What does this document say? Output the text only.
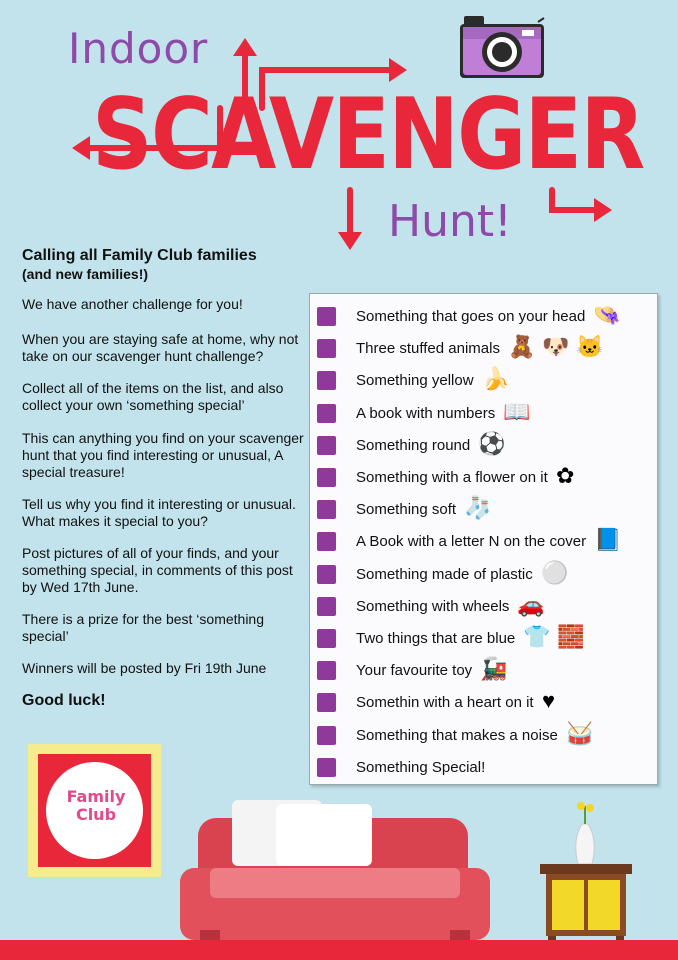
Indoor
SCAVENGER
Hunt!
Calling all Family Club families
(and new families!)

We have another challenge for you!

When you are staying safe at home, why not take on our scavenger hunt challenge?

Collect all of the items on the list, and also collect your own ‘something special’

This can anything you find on your scavenger hunt that you find interesting or unusual, A special treasure!

Tell us why you find it interesting or unusual. What makes it special to you?

Post pictures of all of your finds, and your something special, in comments of this post by Wed 17th June.

There is a prize for the best ‘something special’

Winners will be posted by Fri 19th June

Good luck!
Something that goes on your head 👒
Three stuffed animals 🧸 🐶 🐱
Something yellow 🍌
A book with numbers 📖
Something round ⚽
Something with a flower on it ✿
Something soft 🧦
A Book with a letter N on the cover 📘
Something made of plastic ⚪
Something with wheels 🚗
Two things that are blue 👕 🧱
Your favourite toy 🚂
Somethin with a heart on it ♥
Something that makes a noise 🥁
Something Special!
Family
Club
